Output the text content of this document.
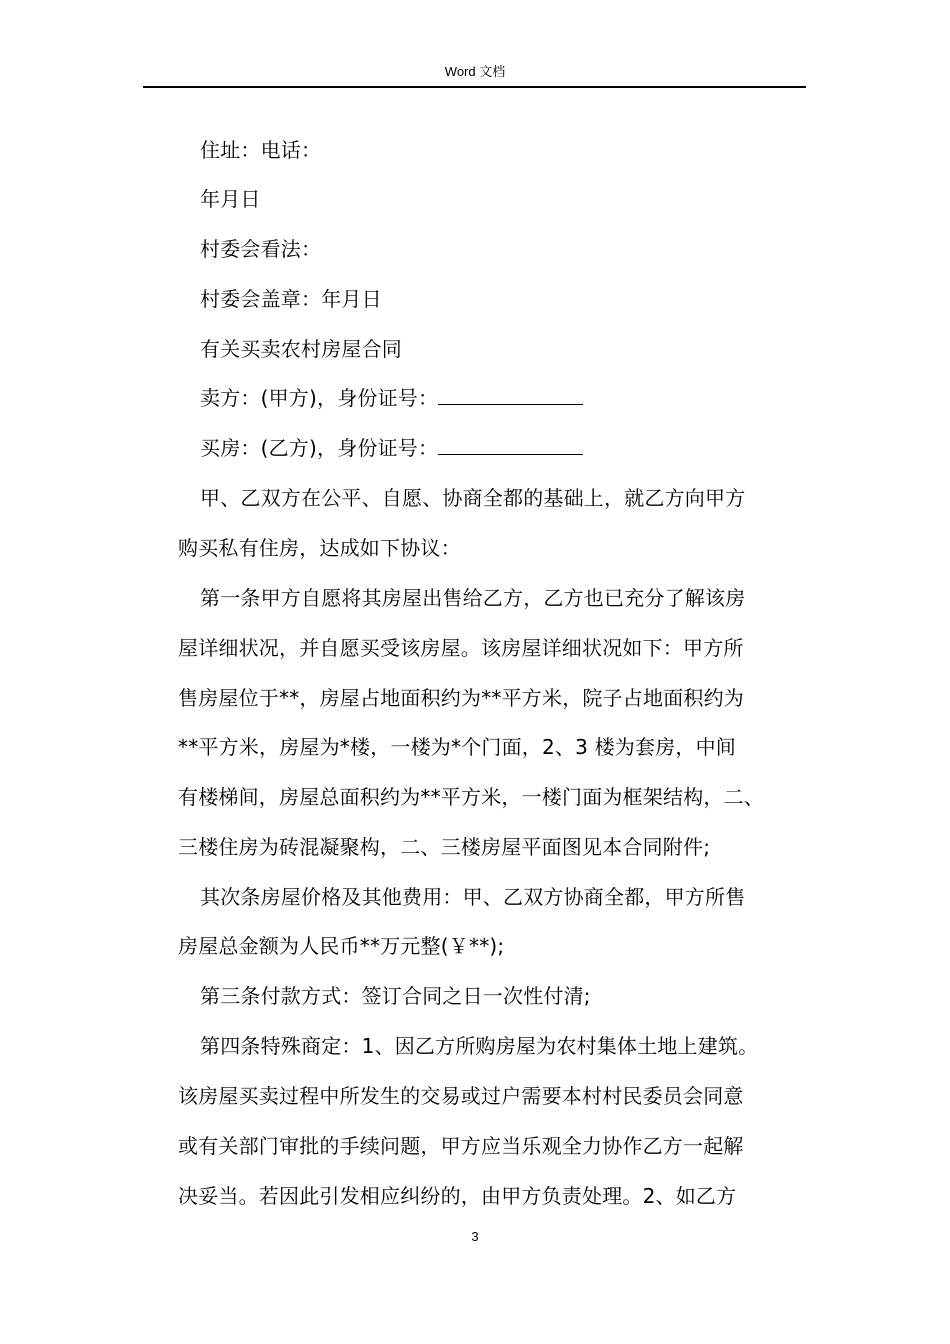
Word 文档
住址：电话：
年月日
村委会看法：
村委会盖章：年月日
有关买卖农村房屋合同
卖方：(甲方)，身份证号：
买房：(乙方)，身份证号：
甲、乙双方在公平、自愿、协商全都的基础上，就乙方向甲方
购买私有住房，达成如下协议：
第一条甲方自愿将其房屋出售给乙方，乙方也已充分了解该房
屋详细状况，并自愿买受该房屋。该房屋详细状况如下：甲方所
售房屋位于**，房屋占地面积约为**平方米，院子占地面积约为
**平方米，房屋为*楼，一楼为*个门面，2、3 楼为套房，中间
有楼梯间，房屋总面积约为**平方米，一楼门面为框架结构，二、
三楼住房为砖混凝聚构，二、三楼房屋平面图见本合同附件;
其次条房屋价格及其他费用：甲、乙双方协商全都，甲方所售
房屋总金额为人民币**万元整(￥**);
第三条付款方式：签订合同之日一次性付清;
第四条特殊商定：1、因乙方所购房屋为农村集体土地上建筑。
该房屋买卖过程中所发生的交易或过户需要本村村民委员会同意
或有关部门审批的手续问题，甲方应当乐观全力协作乙方一起解
决妥当。若因此引发相应纠纷的，由甲方负责处理。2、如乙方
3
